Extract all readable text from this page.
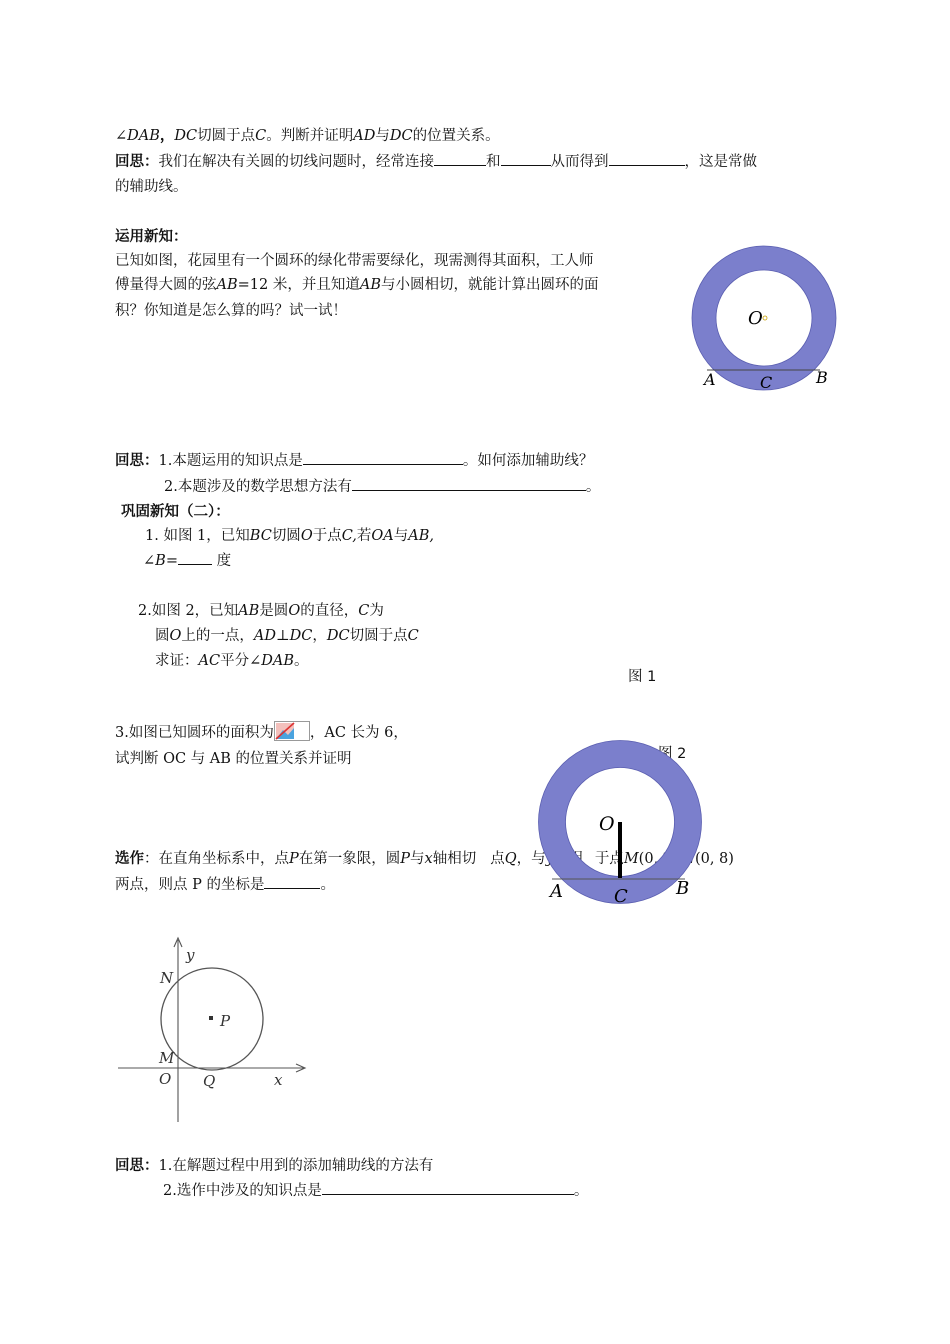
∠DAB，DC切圆于点C。判断并证明AD与DC的位置关系。
回思：我们在解决有关圆的切线问题时，经常连接	和	从而得到	，这是常做
的辅助线。
运用新知：
已知如图，花园里有一个圆环的绿化带需要绿化，现需测得其面积，工人师
傅量得大圆的弦AB=12 米，并且知道AB与小圆相切，就能计算出圆环的面
积？你知道是怎么算的吗？试一试！	O
A	C	B
回思：1.本题运用的知识点是	。如何添加辅助线？
2.本题涉及的数学思想方法有	。
巩固新知（二）：
1. 如图 1，已知BC切圆O于点C,若OA与AB,
∠B= 度
2.如图 2，已知AB是圆O的直径，C为
圆O上的一点，AD⊥DC，DC切圆于点C
求证：AC平分∠DAB。
图 1
3.如图已知圆环的面积为 ，AC 长为 6，
试判断 OC 与 AB 的位置关系并证明	图 2
选作：在直角坐标系中，点P在第一象限，圆P与x轴相切 点Q，与y轴相 于点M(0, 2),N(0, 8)
两点，则点 P 的坐标是	。
O
A	C	B
y
x
N
P
M
O Q
回思：1.在解题过程中用到的添加辅助线的方法有
2.选作中涉及的知识点是	。
